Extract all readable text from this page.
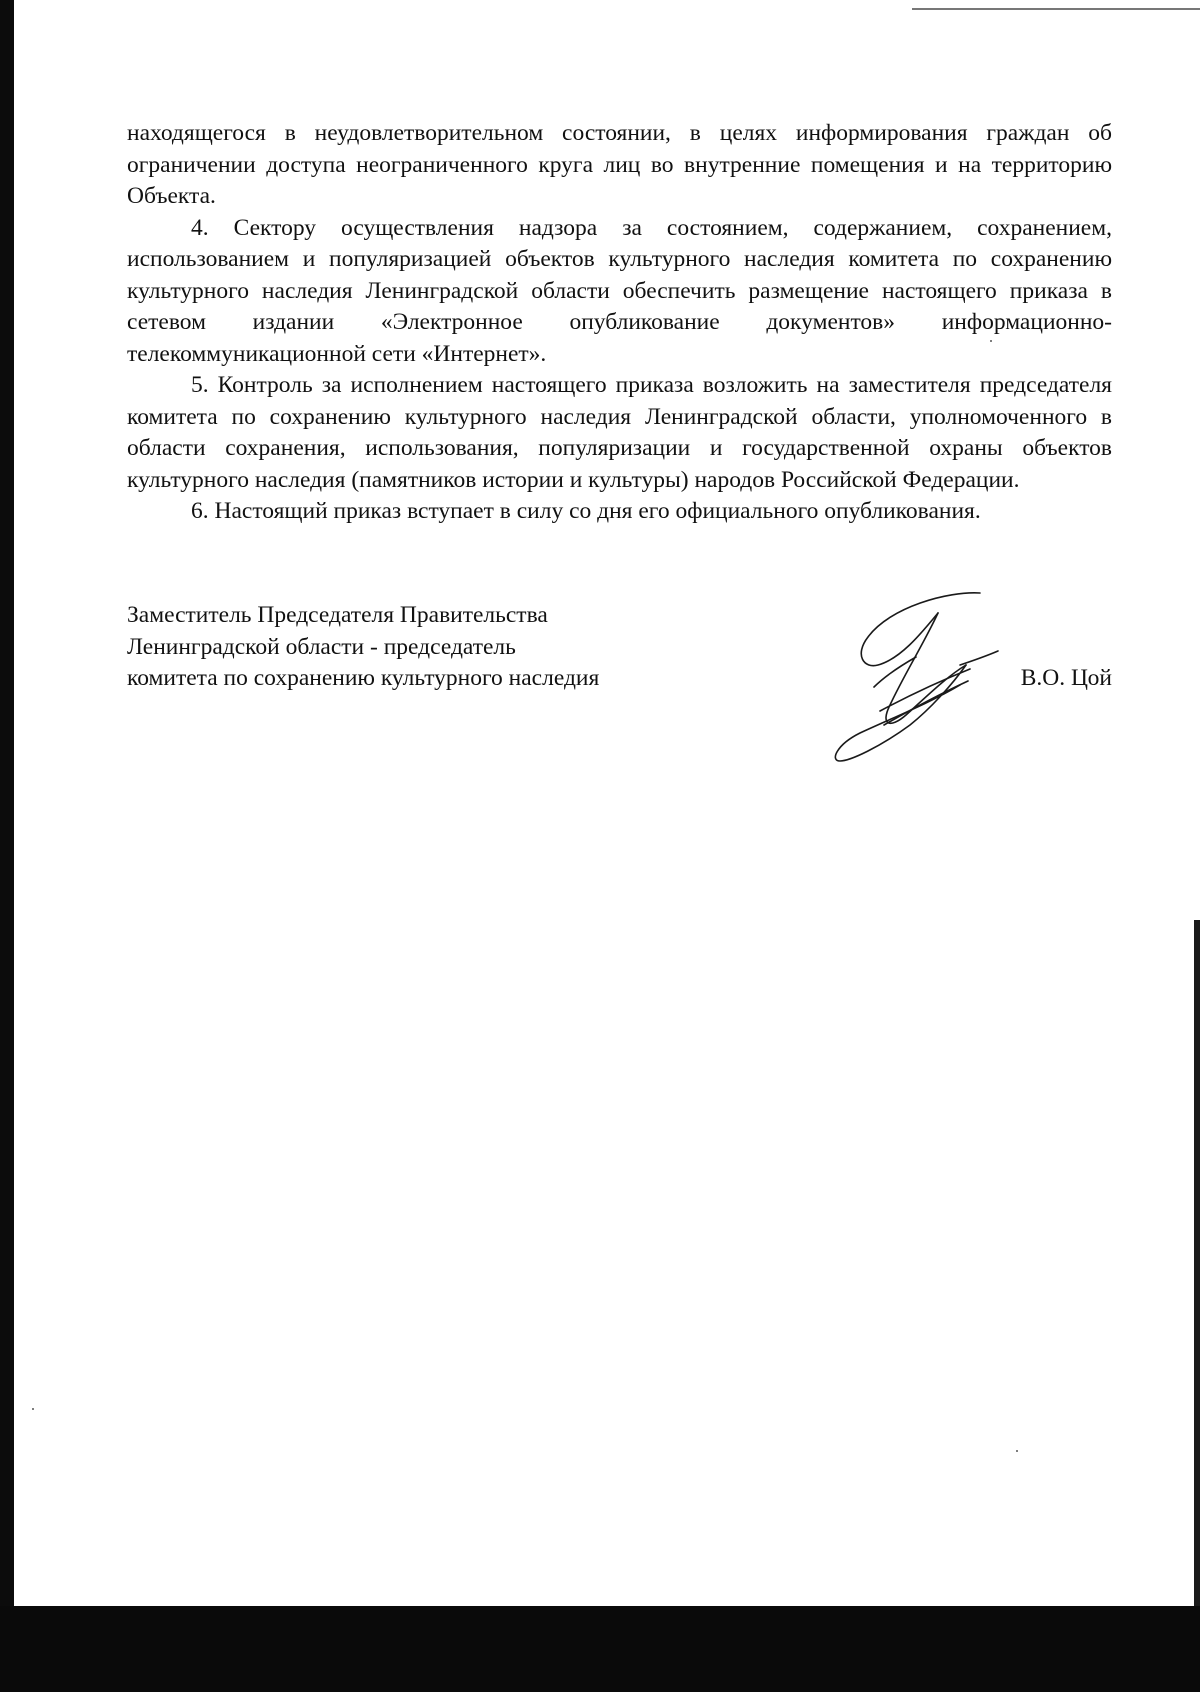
находящегося в неудовлетворительном состоянии, в целях информирования граждан об ограничении доступа неограниченного круга лиц во внутренние помещения и на территорию Объекта.

4. Сектору осуществления надзора за состоянием, содержанием, сохранением, использованием и популяризацией объектов культурного наследия комитета по сохранению культурного наследия Ленинградской области обеспечить размещение настоящего приказа в сетевом издании «Электронное опубликование документов» информационно-телекоммуникационной сети «Интернет».

5. Контроль за исполнением настоящего приказа возложить на заместителя председателя комитета по сохранению культурного наследия Ленинградской области, уполномоченного в области сохранения, использования, популяризации и государственной охраны объектов культурного наследия (памятников истории и культуры) народов Российской Федерации.

6. Настоящий приказ вступает в силу со дня его официального опубликования.

Заместитель Председателя Правительства
Ленинградской области - председатель
комитета по сохранению культурного наследия	В.О. Цой
